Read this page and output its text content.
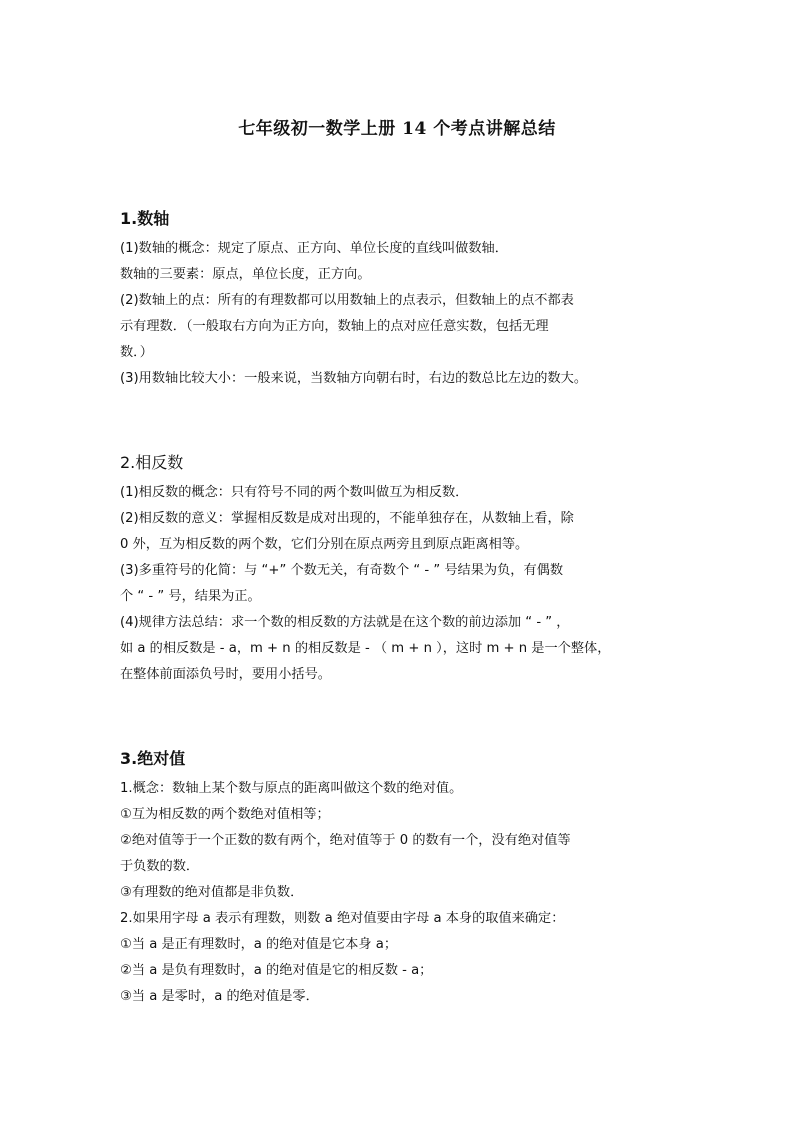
七年级初一数学上册 14 个考点讲解总结
1.数轴

(1)数轴的概念：规定了原点、正方向、单位长度的直线叫做数轴．

数轴的三要素：原点，单位长度，正方向。

(2)数轴上的点：所有的有理数都可以用数轴上的点表示，但数轴上的点不都表

示有理数．（一般取右方向为正方向，数轴上的点对应任意实数，包括无理

数．）

(3)用数轴比较大小：一般来说，当数轴方向朝右时，右边的数总比左边的数大。

2.相反数

(1)相反数的概念：只有符号不同的两个数叫做互为相反数．

(2)相反数的意义：掌握相反数是成对出现的，不能单独存在，从数轴上看，除

0 外，互为相反数的两个数，它们分别在原点两旁且到原点距离相等。

(3)多重符号的化简：与 “+” 个数无关，有奇数个 “ - ” 号结果为负，有偶数

个 “ - ” 号，结果为正。

(4)规律方法总结：求一个数的相反数的方法就是在这个数的前边添加 “ - ” ，

如 a 的相反数是 - a，m + n 的相反数是 - （ m + n ），这时 m + n 是一个整体，

在整体前面添负号时，要用小括号。

3.绝对值

1.概念：数轴上某个数与原点的距离叫做这个数的绝对值。

①互为相反数的两个数绝对值相等；

②绝对值等于一个正数的数有两个，绝对值等于 0 的数有一个，没有绝对值等

于负数的数．

③有理数的绝对值都是非负数．

2.如果用字母 a 表示有理数，则数 a 绝对值要由字母 a 本身的取值来确定：

①当 a 是正有理数时，a 的绝对值是它本身 a；

②当 a 是负有理数时，a 的绝对值是它的相反数 - a；

③当 a 是零时，a 的绝对值是零．
